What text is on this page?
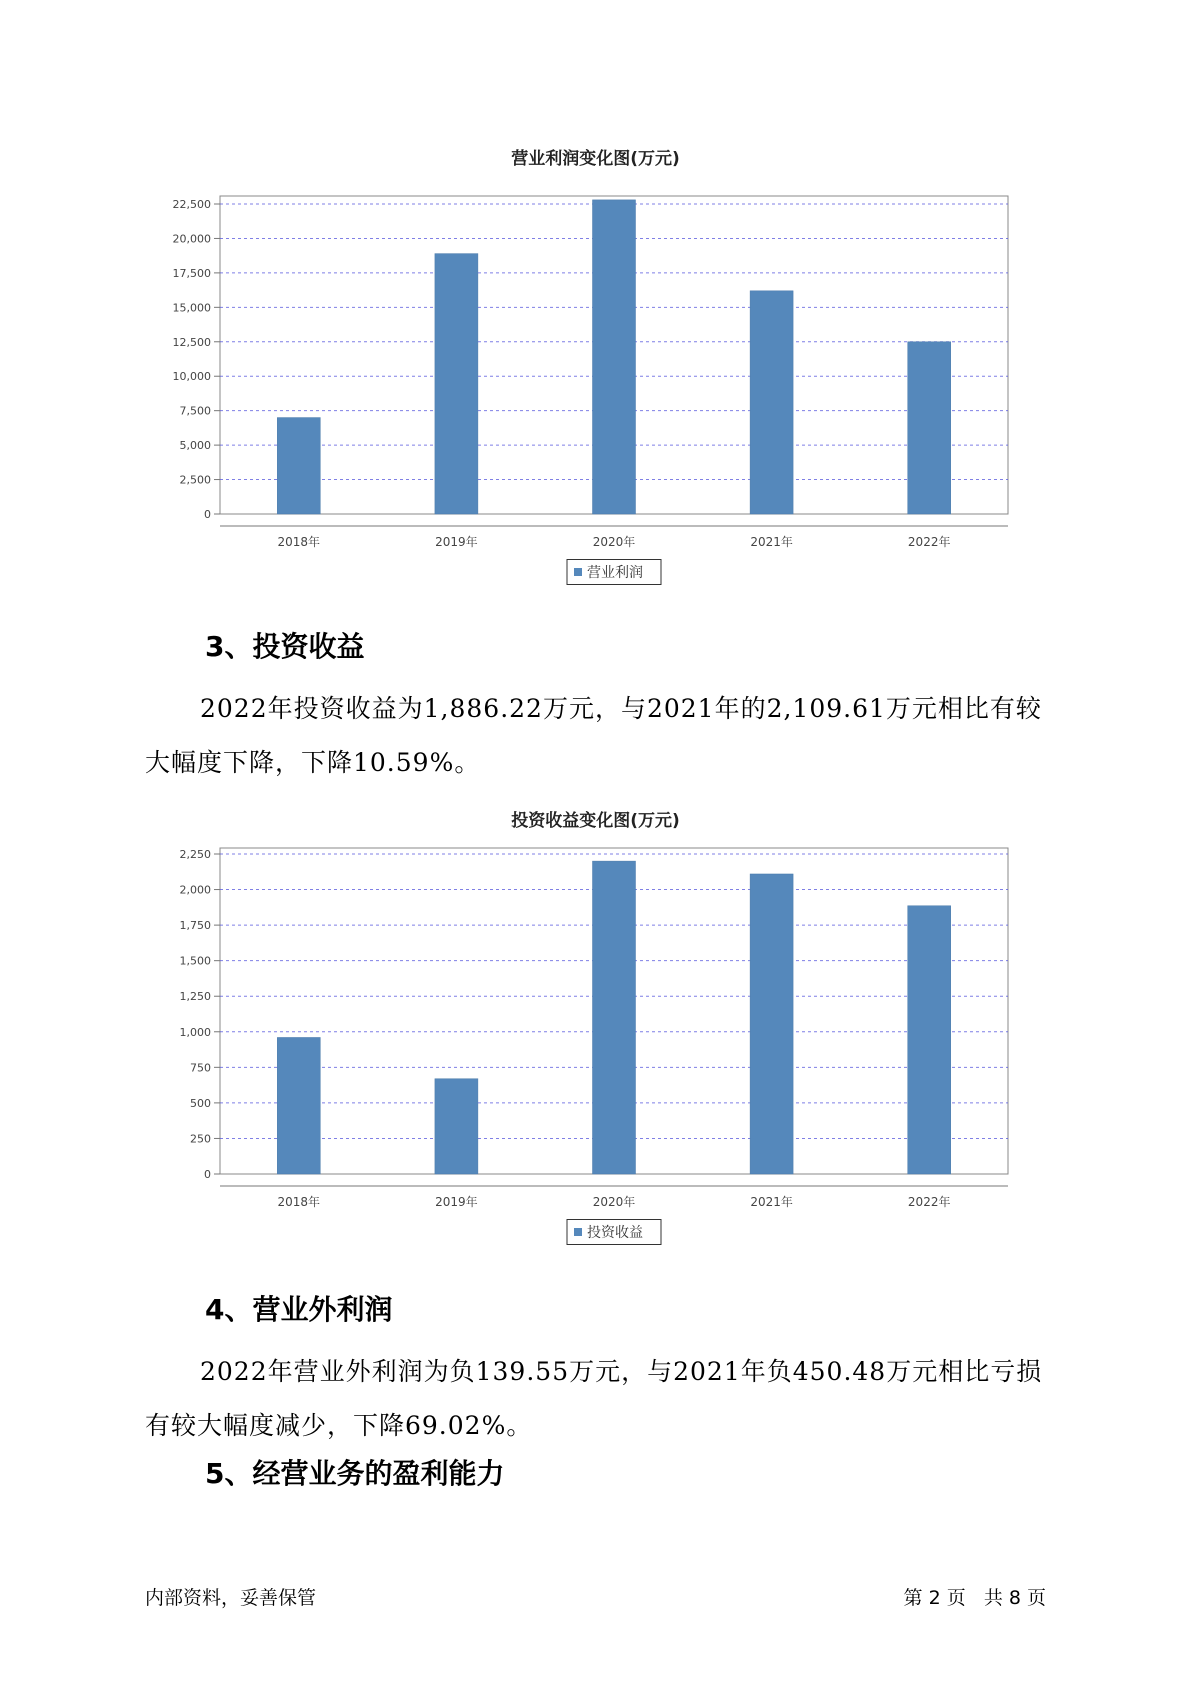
营业利润变化图(万元)
0
2,500
5,000
7,500
10,000
12,500
15,000
17,500
20,000
22,500
2018年	2019年	2020年	2021年	2022年
营业利润
3、投资收益
2022年投资收益为1,886.22万元，与2021年的2,109.61万元相比有较大幅度下降，下降10.59%。
投资收益变化图(万元)
0
250
500
750
1,000
1,250
1,500
1,750
2,000
2,250
2018年	2019年	2020年	2021年	2022年
投资收益
4、营业外利润
2022年营业外利润为负139.55万元，与2021年负450.48万元相比亏损有较大幅度减少，下降69.02%。
5、经营业务的盈利能力
内部资料，妥善保管	第 2 页   共 8 页
